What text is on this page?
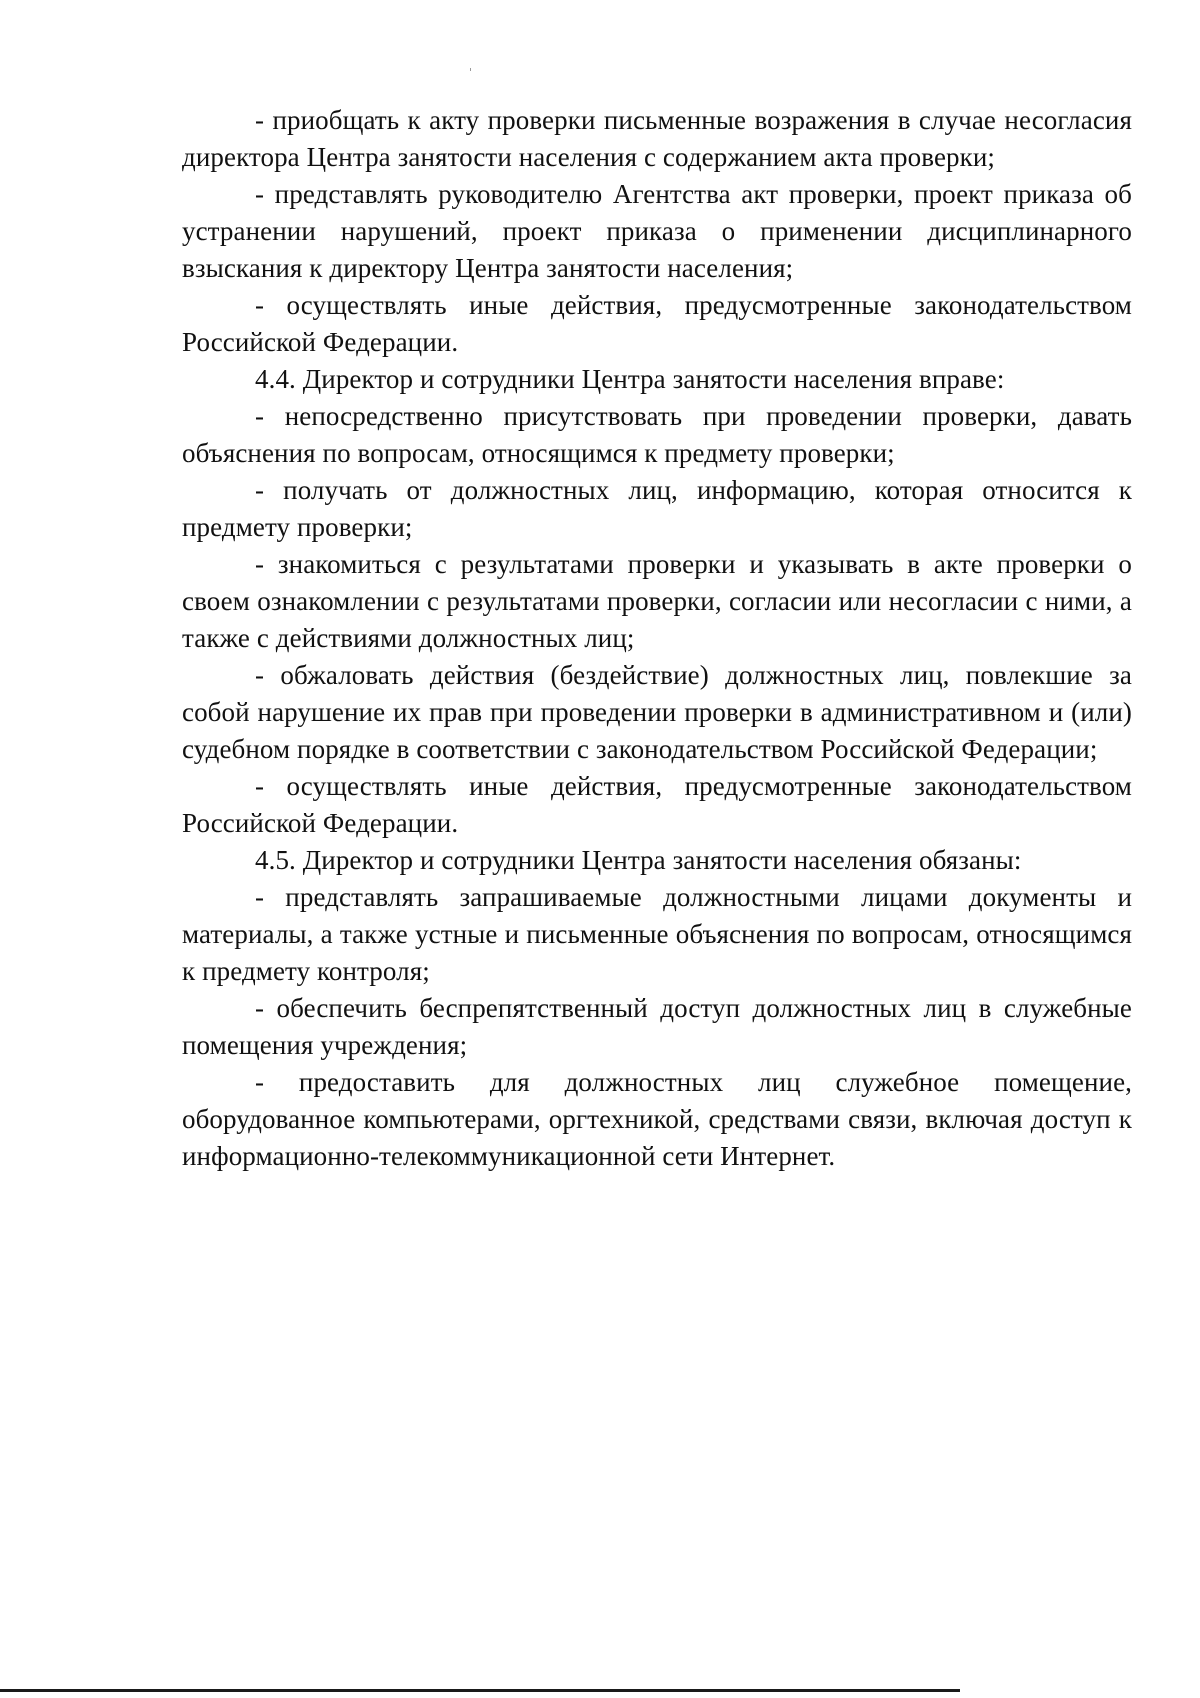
- приобщать к акту проверки письменные возражения в случае несогласия директора Центра занятости населения с содержанием акта проверки;

- представлять руководителю Агентства акт проверки, проект приказа об устранении нарушений, проект приказа о применении дисциплинарного взыскания к директору Центра занятости населения;

- осуществлять иные действия, предусмотренные законодательством Российской Федерации.

4.4. Директор и сотрудники Центра занятости населения вправе:

- непосредственно присутствовать при проведении проверки, давать объяснения по вопросам, относящимся к предмету проверки;

- получать от должностных лиц, информацию, которая относится к предмету проверки;

- знакомиться с результатами проверки и указывать в акте проверки о своем ознакомлении с результатами проверки, согласии или несогласии с ними, а также с действиями должностных лиц;

- обжаловать действия (бездействие) должностных лиц, повлекшие за собой нарушение их прав при проведении проверки в административном и (или) судебном порядке в соответствии с законодательством Российской Федерации;

- осуществлять иные действия, предусмотренные законодательством Российской Федерации.

4.5. Директор и сотрудники Центра занятости населения обязаны:

- представлять запрашиваемые должностными лицами документы и материалы, а также устные и письменные объяснения по вопросам, относящимся к предмету контроля;

- обеспечить беспрепятственный доступ должностных лиц в служебные помещения учреждения;

- предоставить для должностных лиц служебное помещение, оборудованное компьютерами, оргтехникой, средствами связи, включая доступ к информационно-телекоммуникационной сети Интернет.
